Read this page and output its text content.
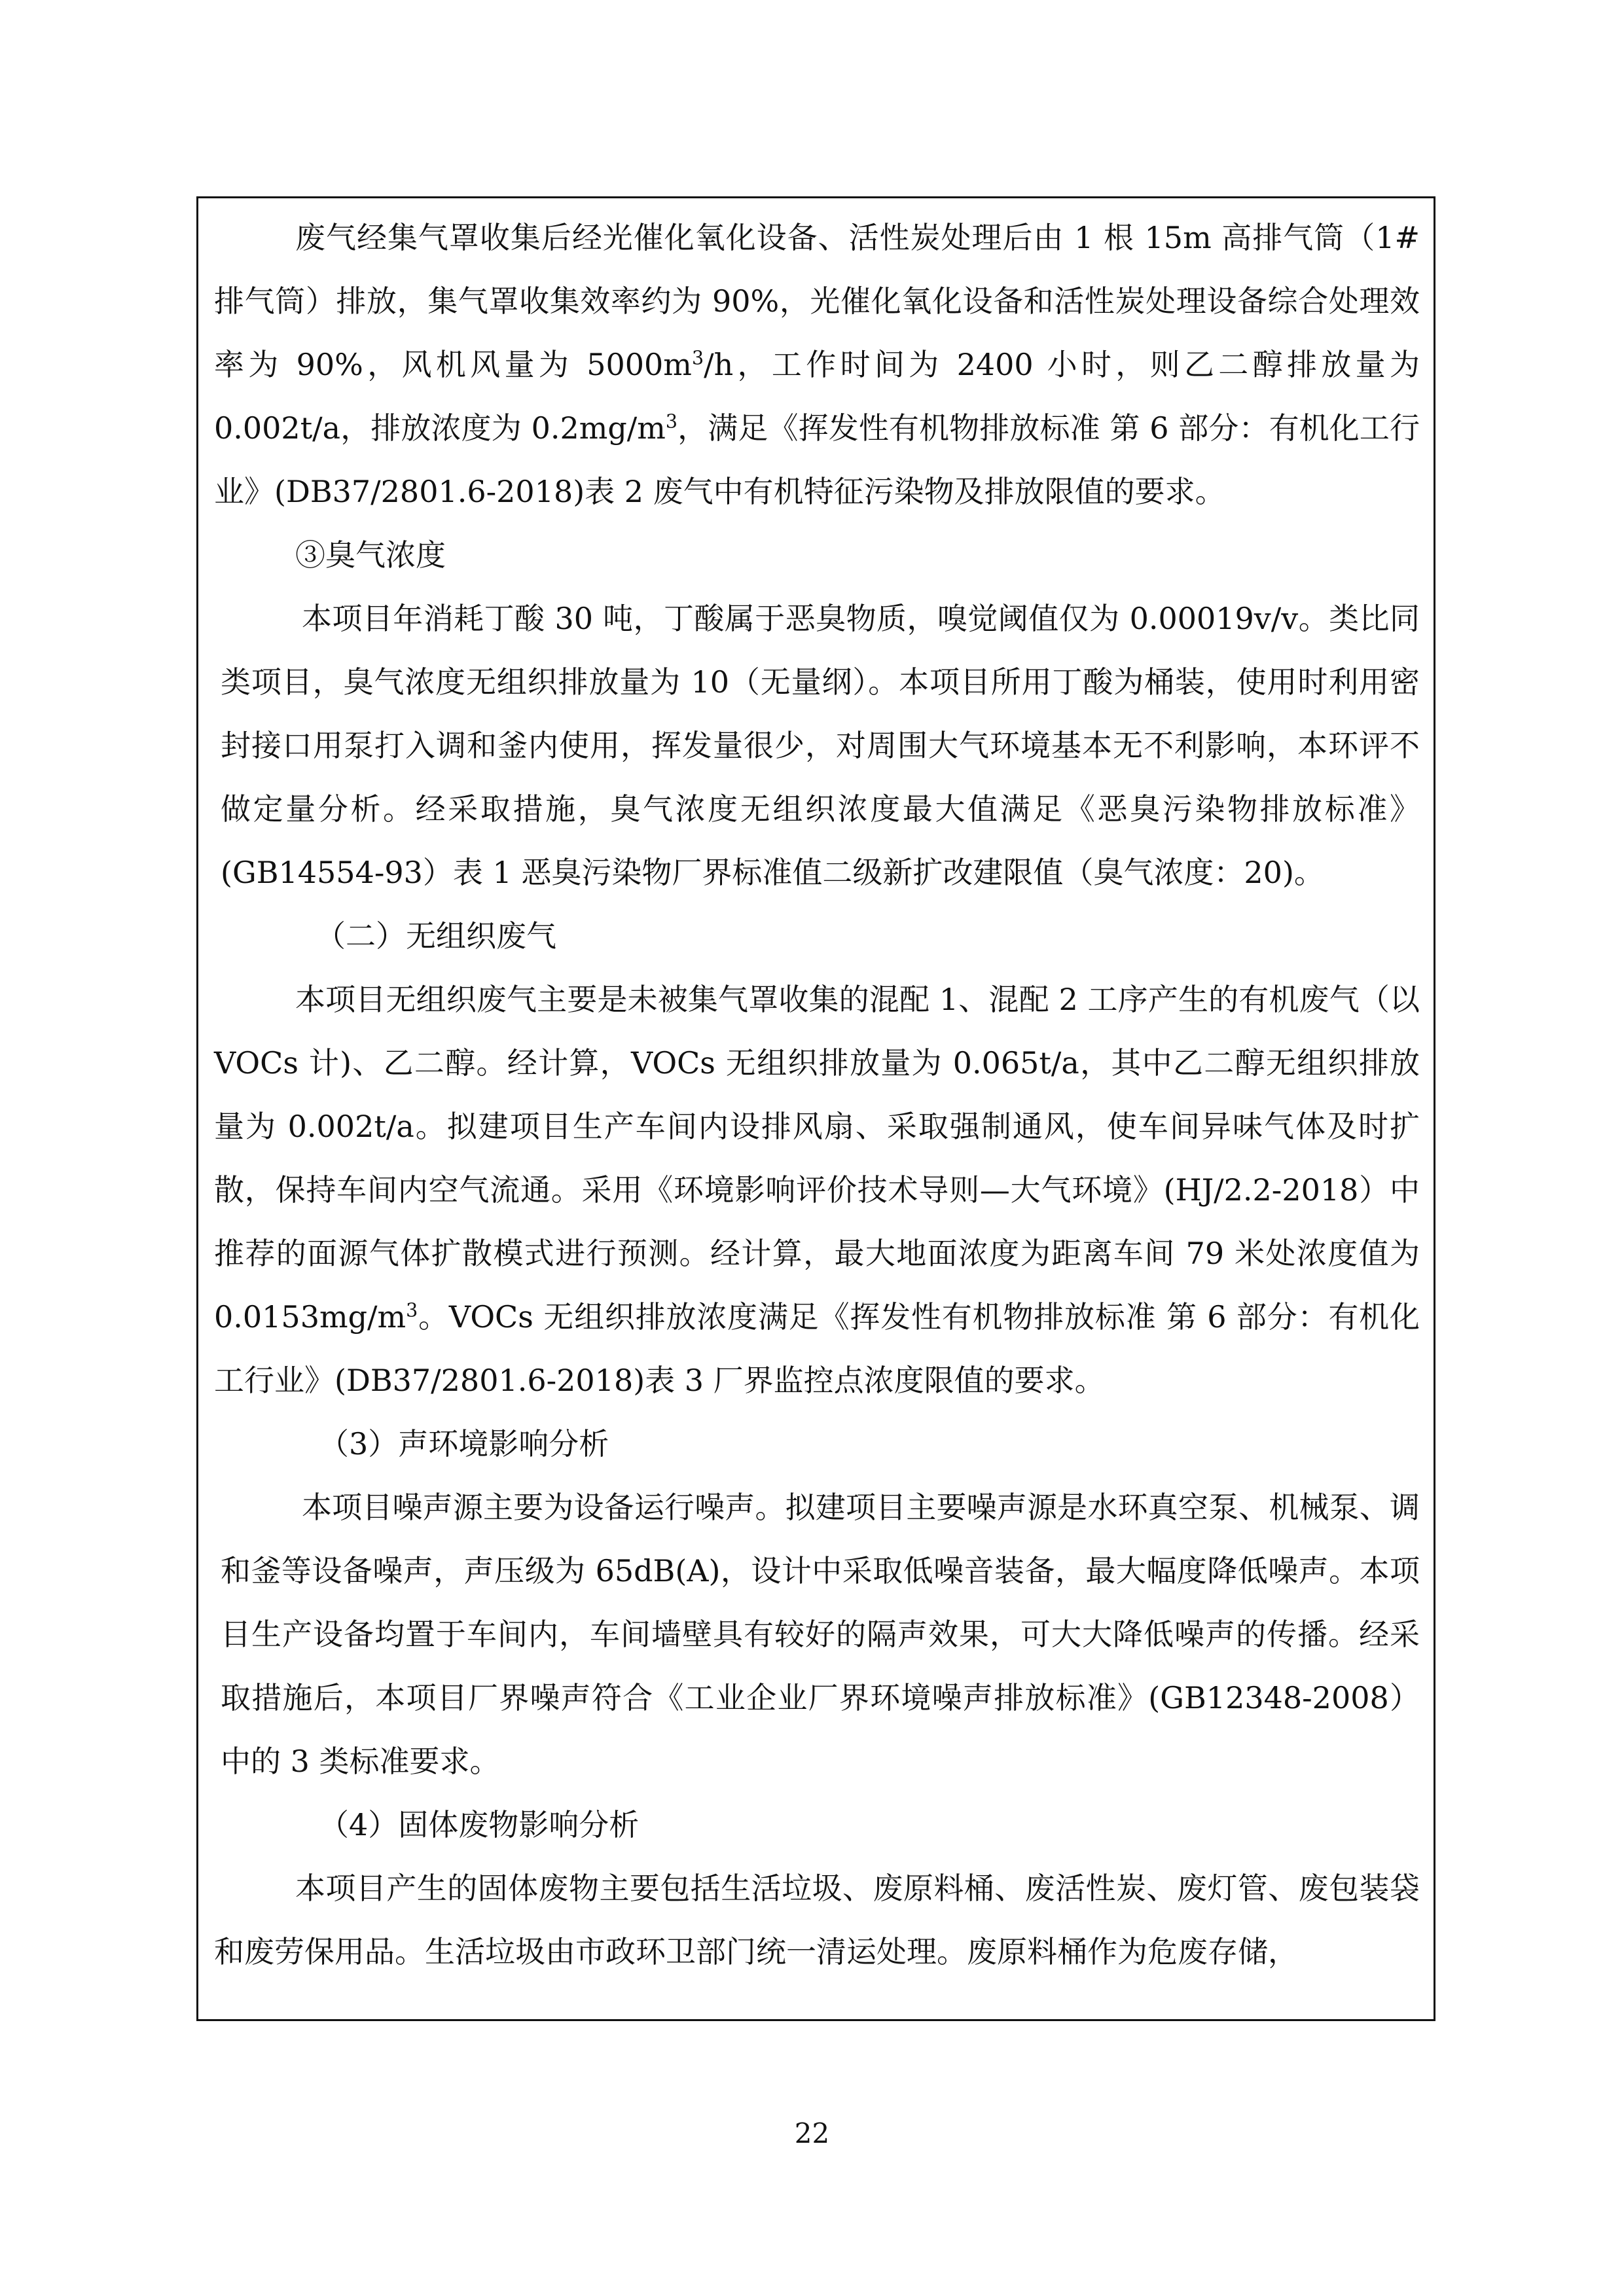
废气经集气罩收集后经光催化氧化设备、活性炭处理后由 1 根 15m 高排气筒（1#排气筒）排放，集气罩收集效率约为 90%，光催化氧化设备和活性炭处理设备综合处理效率为 90%，风机风量为 $5000m^3/h$，工作时间为 2400 小时，则乙二醇排放量为0.002t/a，排放浓度为 $0.2mg/m^3$，满足《挥发性有机物排放标准 第 6 部分：有机化工行业》(DB37/2801.6-2018)表 2 废气中有机特征污染物及排放限值的要求。

③臭气浓度

本项目年消耗丁酸 30 吨，丁酸属于恶臭物质，嗅觉阈值仅为 0.00019v/v。类比同类项目，臭气浓度无组织排放量为 10（无量纲）。本项目所用丁酸为桶装，使用时利用密封接口用泵打入调和釜内使用，挥发量很少，对周围大气环境基本无不利影响，本环评不做定量分析。经采取措施，臭气浓度无组织浓度最大值满足《恶臭污染物排放标准》(GB14554-93）表 1 恶臭污染物厂界标准值二级新扩改建限值（臭气浓度：20)。

（二）无组织废气

本项目无组织废气主要是未被集气罩收集的混配 1、混配 2 工序产生的有机废气（以 VOCs 计)、乙二醇。经计算，VOCs 无组织排放量为 0.065t/a，其中乙二醇无组织排放量为 0.002t/a。拟建项目生产车间内设排风扇、采取强制通风，使车间异味气体及时扩散，保持车间内空气流通。采用《环境影响评价技术导则—大气环境》(HJ/2.2-2018）中推荐的面源气体扩散模式进行预测。经计算，最大地面浓度为距离车间 79 米处浓度值为 $0.0153mg/m^3$。VOCs 无组织排放浓度满足《挥发性有机物排放标准 第 6 部分：有机化工行业》(DB37/2801.6-2018)表 3 厂界监控点浓度限值的要求。

（3）声环境影响分析

本项目噪声源主要为设备运行噪声。拟建项目主要噪声源是水环真空泵、机械泵、调和釜等设备噪声，声压级为 65dB(A)，设计中采取低噪音装备，最大幅度降低噪声。本项目生产设备均置于车间内，车间墙壁具有较好的隔声效果，可大大降低噪声的传播。经采取措施后，本项目厂界噪声符合《工业企业厂界环境噪声排放标准》(GB12348-2008）中的 3 类标准要求。

（4）固体废物影响分析

本项目产生的固体废物主要包括生活垃圾、废原料桶、废活性炭、废灯管、废包装袋和废劳保用品。生活垃圾由市政环卫部门统一清运处理。废原料桶作为危废存储，

22
